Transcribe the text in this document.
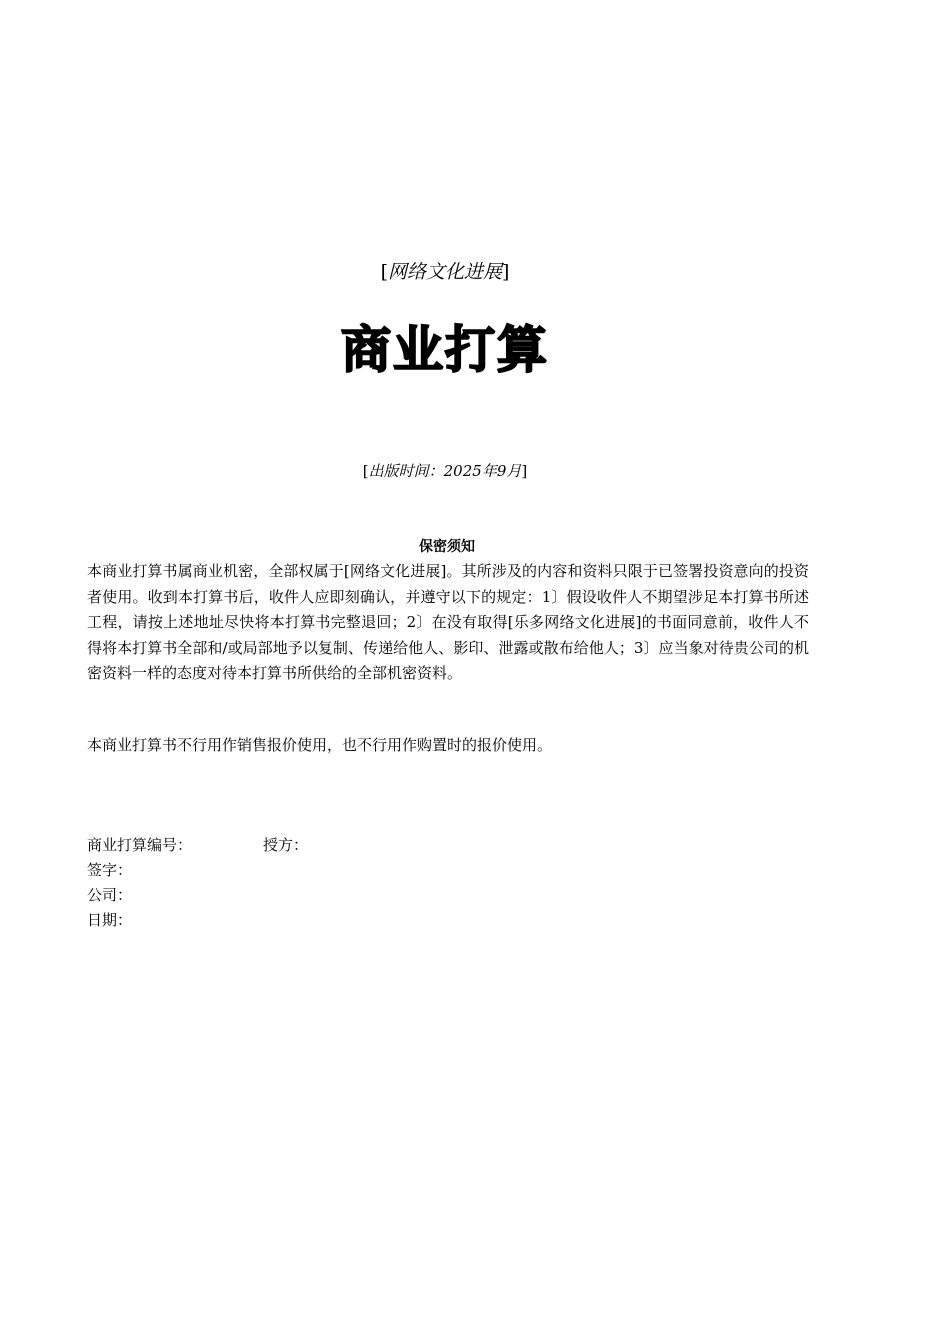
[网络文化进展]
商业打算
[出版时间：2025年9月]
保密须知

本商业打算书属商业机密，全部权属于[网络文化进展]。其所涉及的内容和资料只限于已签署投资意向的投资者使用。收到本打算书后，收件人应即刻确认，并遵守以下的规定：1〕假设收件人不期望涉足本打算书所述工程，请按上述地址尽快将本打算书完整退回；2〕在没有取得[乐多网络文化进展]的书面同意前，收件人不得将本打算书全部和/或局部地予以复制、传递给他人、影印、泄露或散布给他人；3〕应当象对待贵公司的机密资料一样的态度对待本打算书所供给的全部机密资料。

本商业打算书不行用作销售报价使用，也不行用作购置时的报价使用。

商业打算编号：	授方：
签字：
公司：
日期：
